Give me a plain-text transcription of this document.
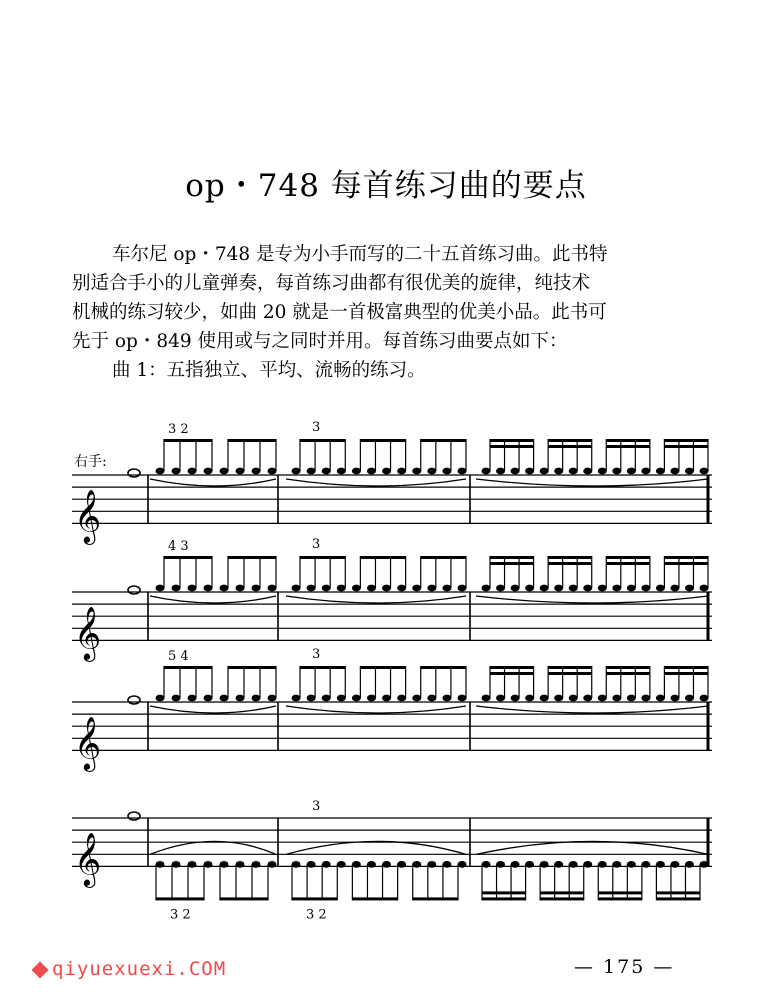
op・748 每首练习曲的要点
车尔尼 op・748 是专为小手而写的二十五首练习曲。此书特
别适合手小的儿童弹奏，每首练习曲都有很优美的旋律，纯技术
机械的练习较少，如曲 20 就是一首极富典型的优美小品。此书可
先于 op・849 使用或与之同时并用。每首练习曲要点如下：
曲 1：五指独立、平均、流畅的练习。
右手:
𝄞
3 2	3
𝄞
4 3	3
𝄞
5 4	3
𝄞
3 2	3 2
3
qiyuexuexi.COM	— 175 —
